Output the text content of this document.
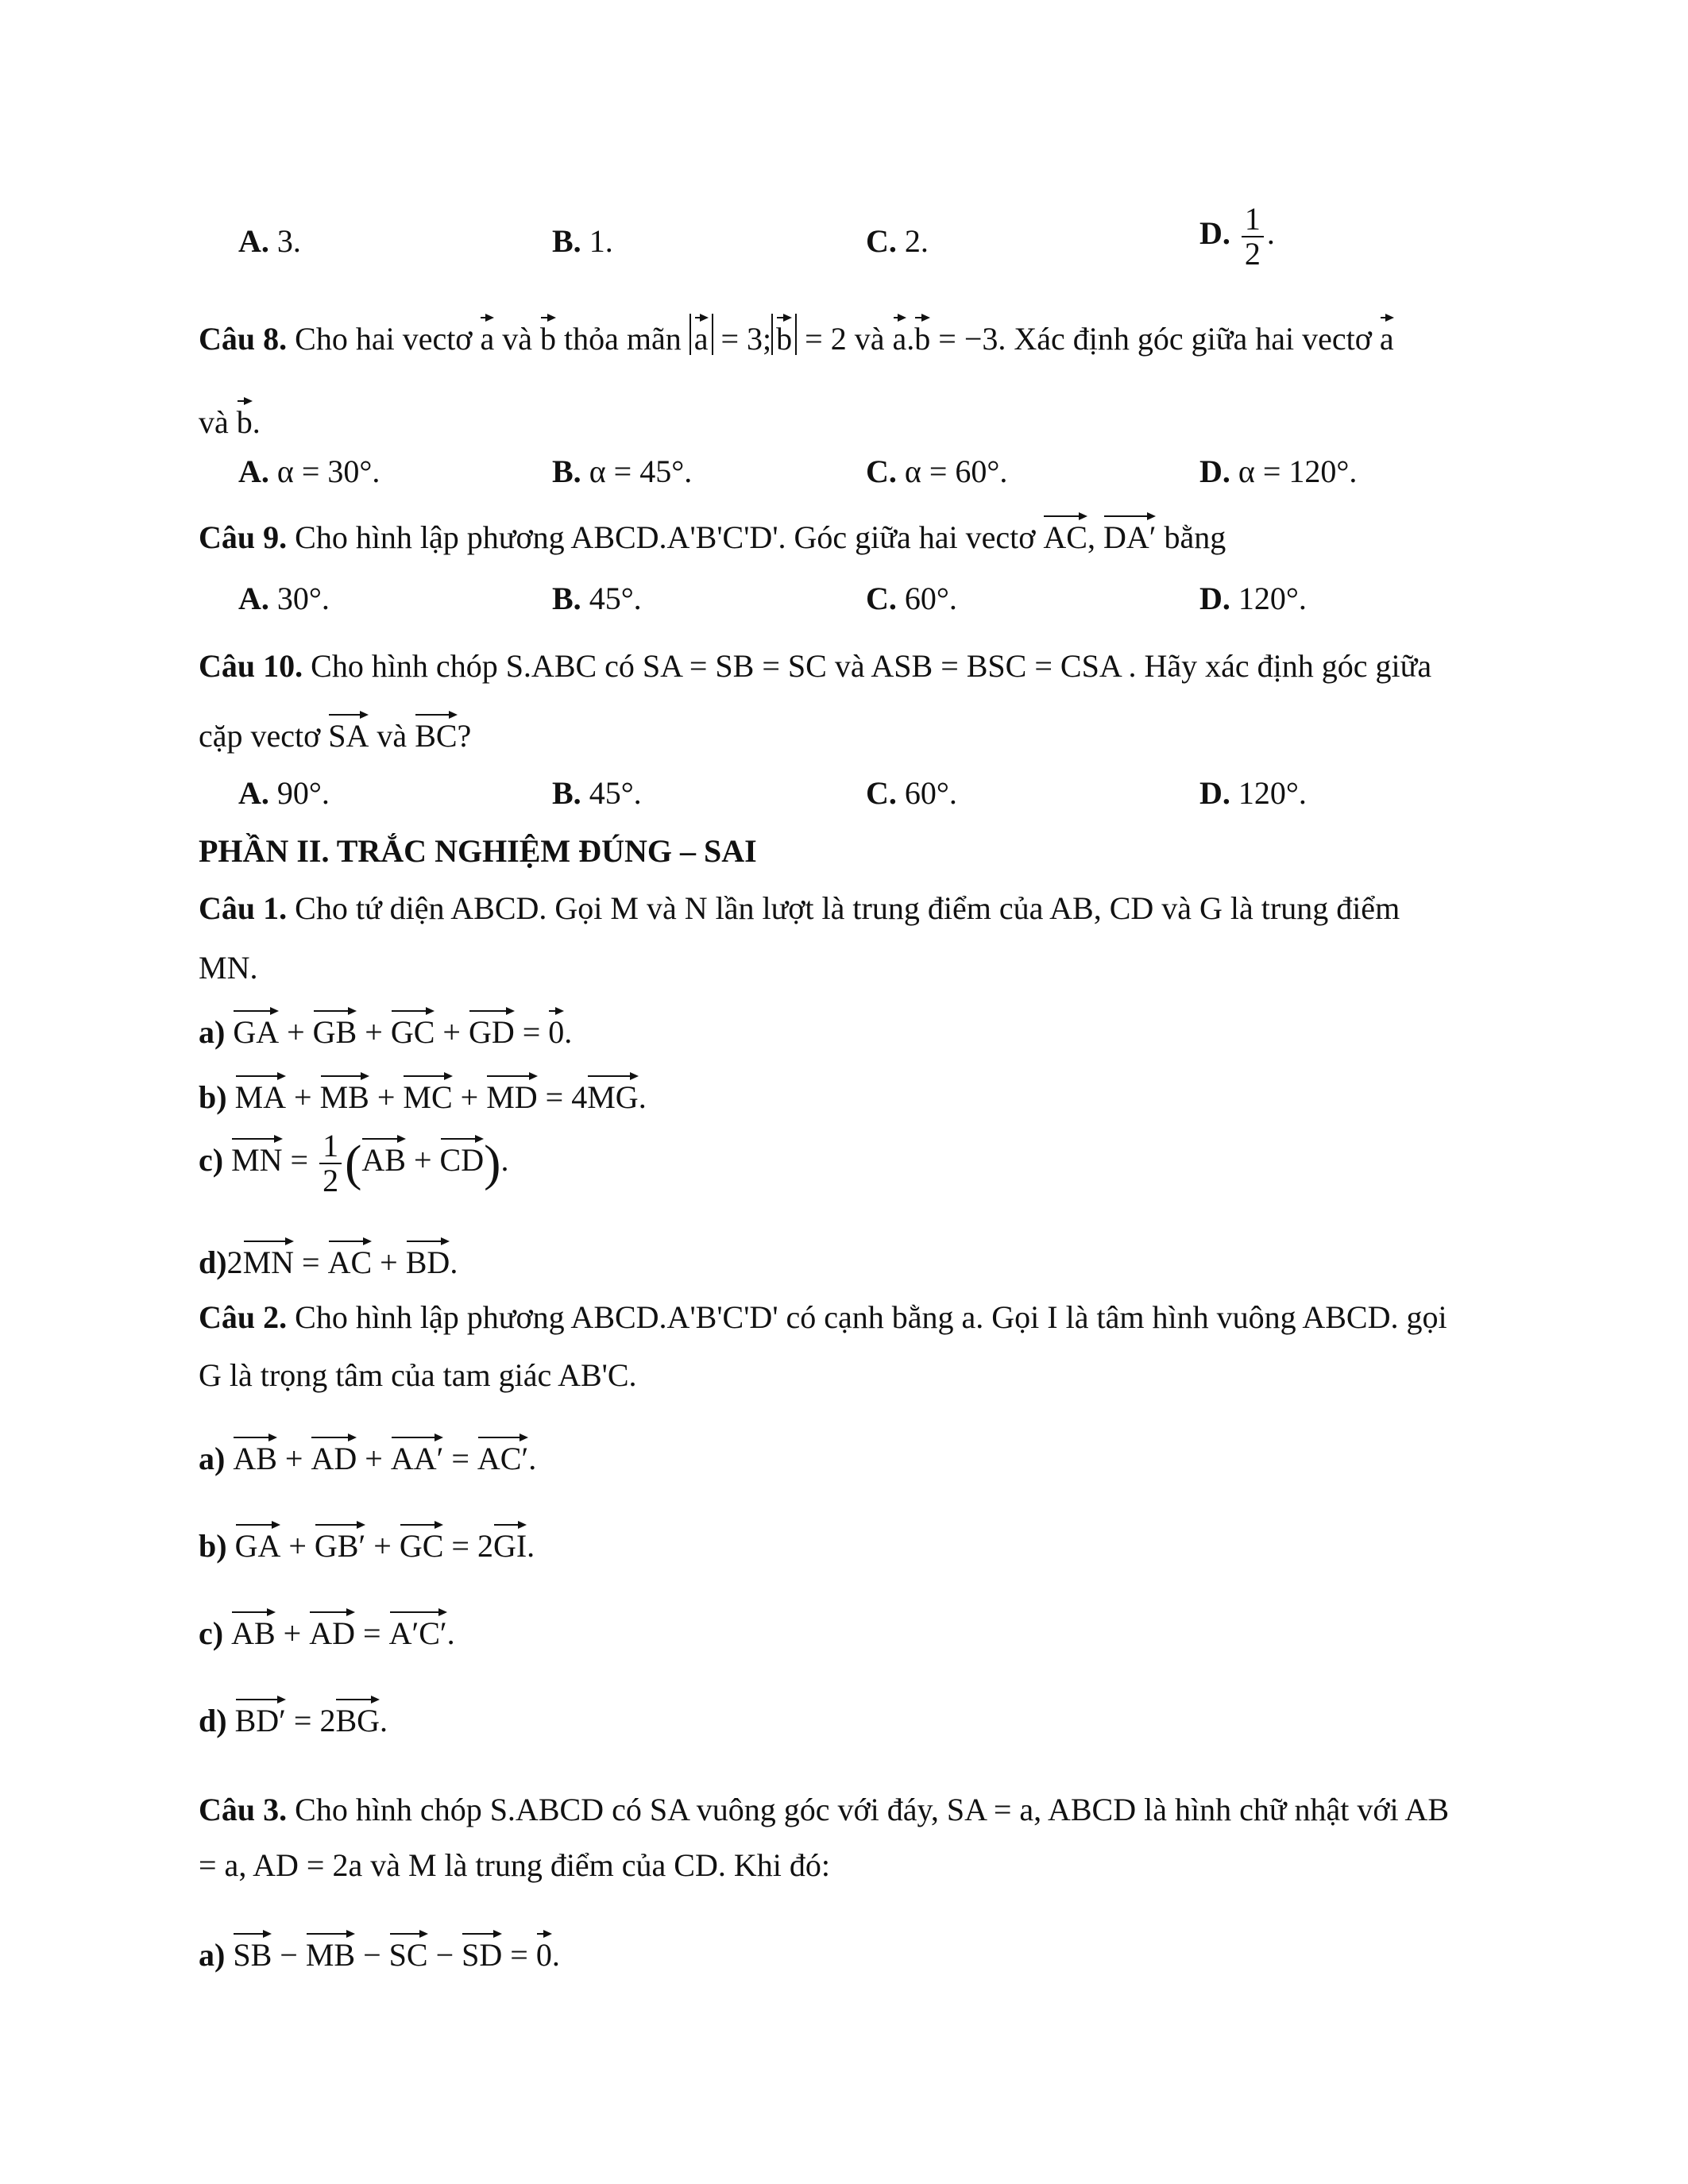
A. 3.	B. 1.	C. 2.	D. $\frac{1}{2}$ .
Câu 8. Cho hai vectơ a và b thỏa mãn a = 3; b = 2 và a.b = −3. Xác định góc giữa hai vectơ a
và b.
A. α = 30°.	B. α = 45°.	C. α = 60°.	D. α = 120°.
Câu 9. Cho hình lập phương ABCD.A'B'C'D'. Góc giữa hai vectơ AC, DA′ bằng
A. 30°.	B. 45°.	C. 60°.	D. 120°.
Câu 10. Cho hình chóp S.ABC có SA = SB = SC và ASB = BSC = CSA . Hãy xác định góc giữa
cặp vectơ SA và BC?
A. 90°.	B. 45°.	C. 60°.	D. 120°.
PHẦN II. TRẮC NGHIỆM ĐÚNG – SAI
Câu 1. Cho tứ diện ABCD. Gọi M và N lần lượt là trung điểm của AB, CD và G là trung điểm
MN.
a) GA + GB + GC + GD = 0.
b) MA + MB + MC + MD = 4MG.
c) MN = $\frac{1}{2} (AB + CD)$.
d)2MN = AC + BD.
Câu 2. Cho hình lập phương ABCD.A'B'C'D' có cạnh bằng a. Gọi I là tâm hình vuông ABCD. gọi
G là trọng tâm của tam giác AB'C.
a) AB + AD + AA′ = AC′.
b) GA + GB′ + GC = 2GI.
c) AB + AD = A′C′.
d) BD′ = 2BG.
Câu 3. Cho hình chóp S.ABCD có SA vuông góc với đáy, SA = a, ABCD là hình chữ nhật với AB
= a, AD = 2a và M là trung điểm của CD. Khi đó:
a) SB − MB − SC − SD = 0.
